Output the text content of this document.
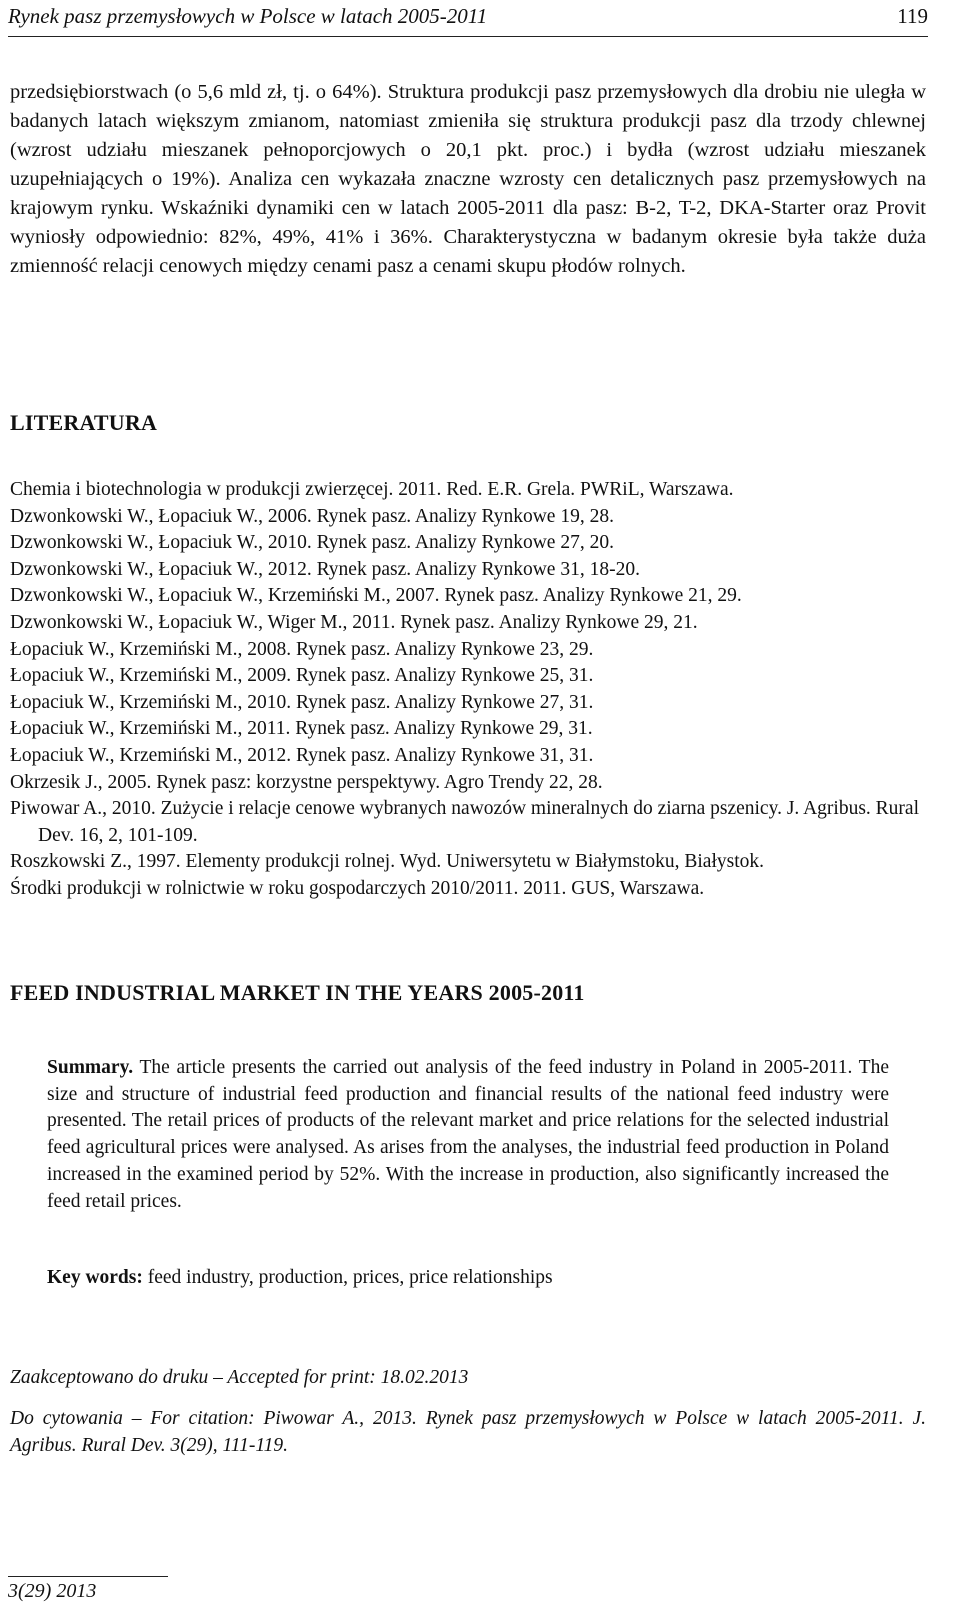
Rynek pasz przemysłowych w Polsce w latach 2005-2011	119

przedsiębiorstwach (o 5,6 mld zł, tj. o 64%). Struktura produkcji pasz przemysłowych dla drobiu nie uległa w badanych latach większym zmianom, natomiast zmieniła się struktura produkcji pasz dla trzody chlewnej (wzrost udziału mieszanek pełnoporcjowych o 20,1 pkt. proc.) i bydła (wzrost udziału mieszanek uzupełniających o 19%). Analiza cen wykazała znaczne wzrosty cen detalicznych pasz przemysłowych na krajowym rynku. Wskaźniki dynamiki cen w latach 2005-2011 dla pasz: B-2, T-2, DKA-Starter oraz Provit wyniosły odpowiednio: 82%, 49%, 41% i 36%. Charakterystyczna w badanym okresie była także duża zmienność relacji cenowych między cenami pasz a cenami skupu płodów rolnych.

LITERATURA
Chemia i biotechnologia w produkcji zwierzęcej. 2011. Red. E.R. Grela. PWRiL, Warszawa.
Dzwonkowski W., Łopaciuk W., 2006. Rynek pasz. Analizy Rynkowe 19, 28.
Dzwonkowski W., Łopaciuk W., 2010. Rynek pasz. Analizy Rynkowe 27, 20.
Dzwonkowski W., Łopaciuk W., 2012. Rynek pasz. Analizy Rynkowe 31, 18-20.
Dzwonkowski W., Łopaciuk W., Krzemiński M., 2007. Rynek pasz. Analizy Rynkowe 21, 29.
Dzwonkowski W., Łopaciuk W., Wiger M., 2011. Rynek pasz. Analizy Rynkowe 29, 21.
Łopaciuk W., Krzemiński M., 2008. Rynek pasz. Analizy Rynkowe 23, 29.
Łopaciuk W., Krzemiński M., 2009. Rynek pasz. Analizy Rynkowe 25, 31.
Łopaciuk W., Krzemiński M., 2010. Rynek pasz. Analizy Rynkowe 27, 31.
Łopaciuk W., Krzemiński M., 2011. Rynek pasz. Analizy Rynkowe 29, 31.
Łopaciuk W., Krzemiński M., 2012. Rynek pasz. Analizy Rynkowe 31, 31.
Okrzesik J., 2005. Rynek pasz: korzystne perspektywy. Agro Trendy 22, 28.
Piwowar A., 2010. Zużycie i relacje cenowe wybranych nawozów mineralnych do ziarna pszenicy. J. Agribus. Rural Dev. 16, 2, 101-109.
Roszkowski Z., 1997. Elementy produkcji rolnej. Wyd. Uniwersytetu w Białymstoku, Białystok.
Środki produkcji w rolnictwie w roku gospodarczych 2010/2011. 2011. GUS, Warszawa.
FEED INDUSTRIAL MARKET IN THE YEARS 2005-2011

Summary. The article presents the carried out analysis of the feed industry in Poland in 2005-2011. The size and structure of industrial feed production and financial results of the national feed industry were presented. The retail prices of products of the relevant market and price relations for the selected industrial feed agricultural prices were analysed. As arises from the analyses, the industrial feed production in Poland increased in the examined period by 52%. With the increase in production, also significantly increased the feed retail prices.

Key words: feed industry, production, prices, price relationships

Zaakceptowano do druku – Accepted for print: 18.02.2013

Do cytowania – For citation: Piwowar A., 2013. Rynek pasz przemysłowych w Polsce w latach 2005-2011. J. Agribus. Rural Dev. 3(29), 111-119.

3(29) 2013
